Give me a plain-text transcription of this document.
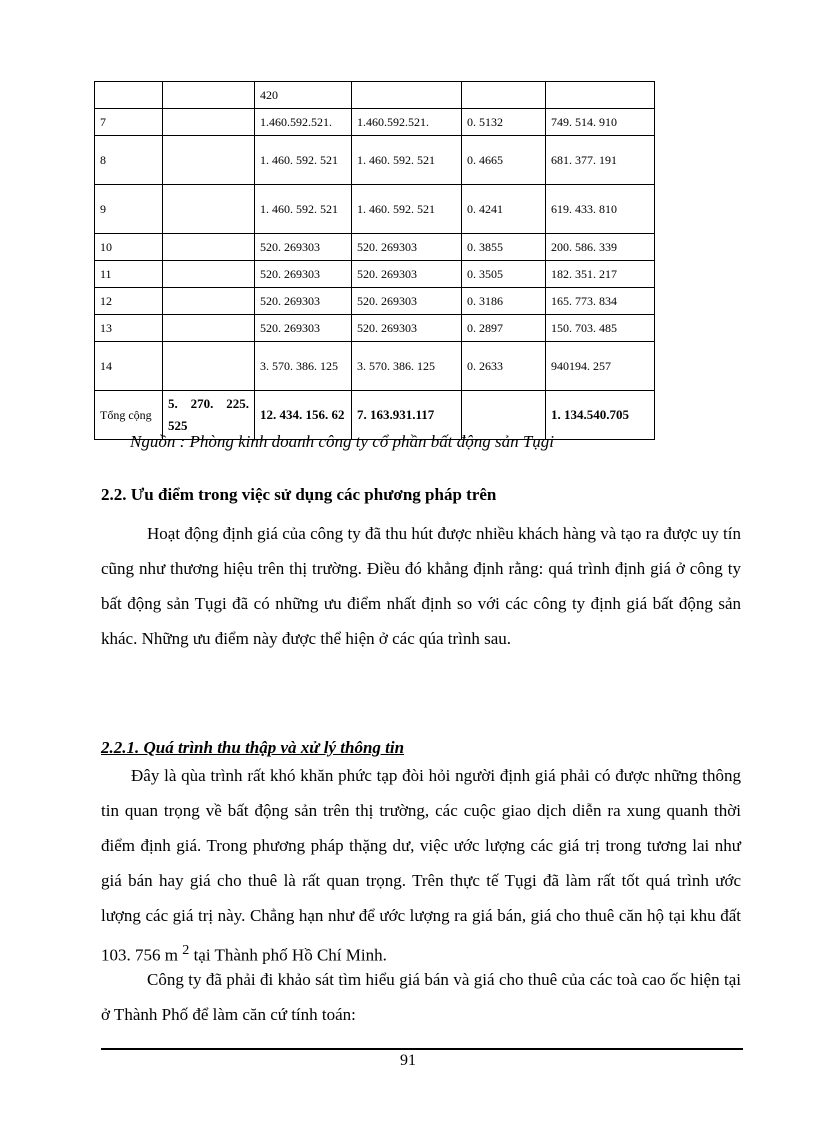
		420			
7		1.460.592.521.	1.460.592.521.	0. 5132	749. 514. 910
8		1. 460. 592. 521	1. 460. 592. 521	0. 4665	681. 377. 191
9		1. 460. 592. 521	1. 460. 592. 521	0. 4241	619. 433. 810
10		520. 269303	520. 269303	0. 3855	200. 586. 339
11		520. 269303	520. 269303	0. 3505	182. 351. 217
12		520. 269303	520. 269303	0. 3186	165. 773. 834
13		520. 269303	520. 269303	0. 2897	150. 703. 485
14		3. 570. 386. 125	3. 570. 386. 125	0. 2633	940194. 257
Tổng cộng	5. 270. 225. 525	12. 434. 156. 62	7. 163.931.117		1. 134.540.705
Nguồn : Phòng kinh doanh công ty cổ phần bất động sản Tụgi
2.2. Ưu điểm trong việc sử dụng các phương pháp trên

Hoạt động định giá của công ty đã thu hút được nhiều khách hàng và tạo ra được uy tín cũng như thương hiệu trên thị trường. Điều đó khẳng định rằng: quá trình định giá ở công ty bất động sản Tụgi đã có những ưu điểm nhất định so với các công ty định giá bất động sản khác. Những ưu điểm này được thể hiện ở các qúa trình sau.

2.2.1. Quá trình thu thập và xử lý thông tin

Đây là qùa trình rất khó khăn phức tạp đòi hỏi người định giá phải có được những thông tin quan trọng về bất động sản trên thị trường, các cuộc giao dịch diễn ra xung quanh thời điểm định giá. Trong phương pháp thặng dư, việc ước lượng các giá trị trong tương lai như giá bán hay giá cho thuê là rất quan trọng. Trên thực tế Tụgi đã làm rất tốt quá trình ước lượng các giá trị này. Chẳng hạn như để ước lượng ra giá bán, giá cho thuê căn hộ tại khu đất 103. 756 m $^2$ tại Thành phố Hồ Chí Minh.

Công ty đã phải đi khảo sát tìm hiểu giá bán và giá cho thuê của các toà cao ốc hiện tại ở Thành Phố để làm căn cứ tính toán:

91
